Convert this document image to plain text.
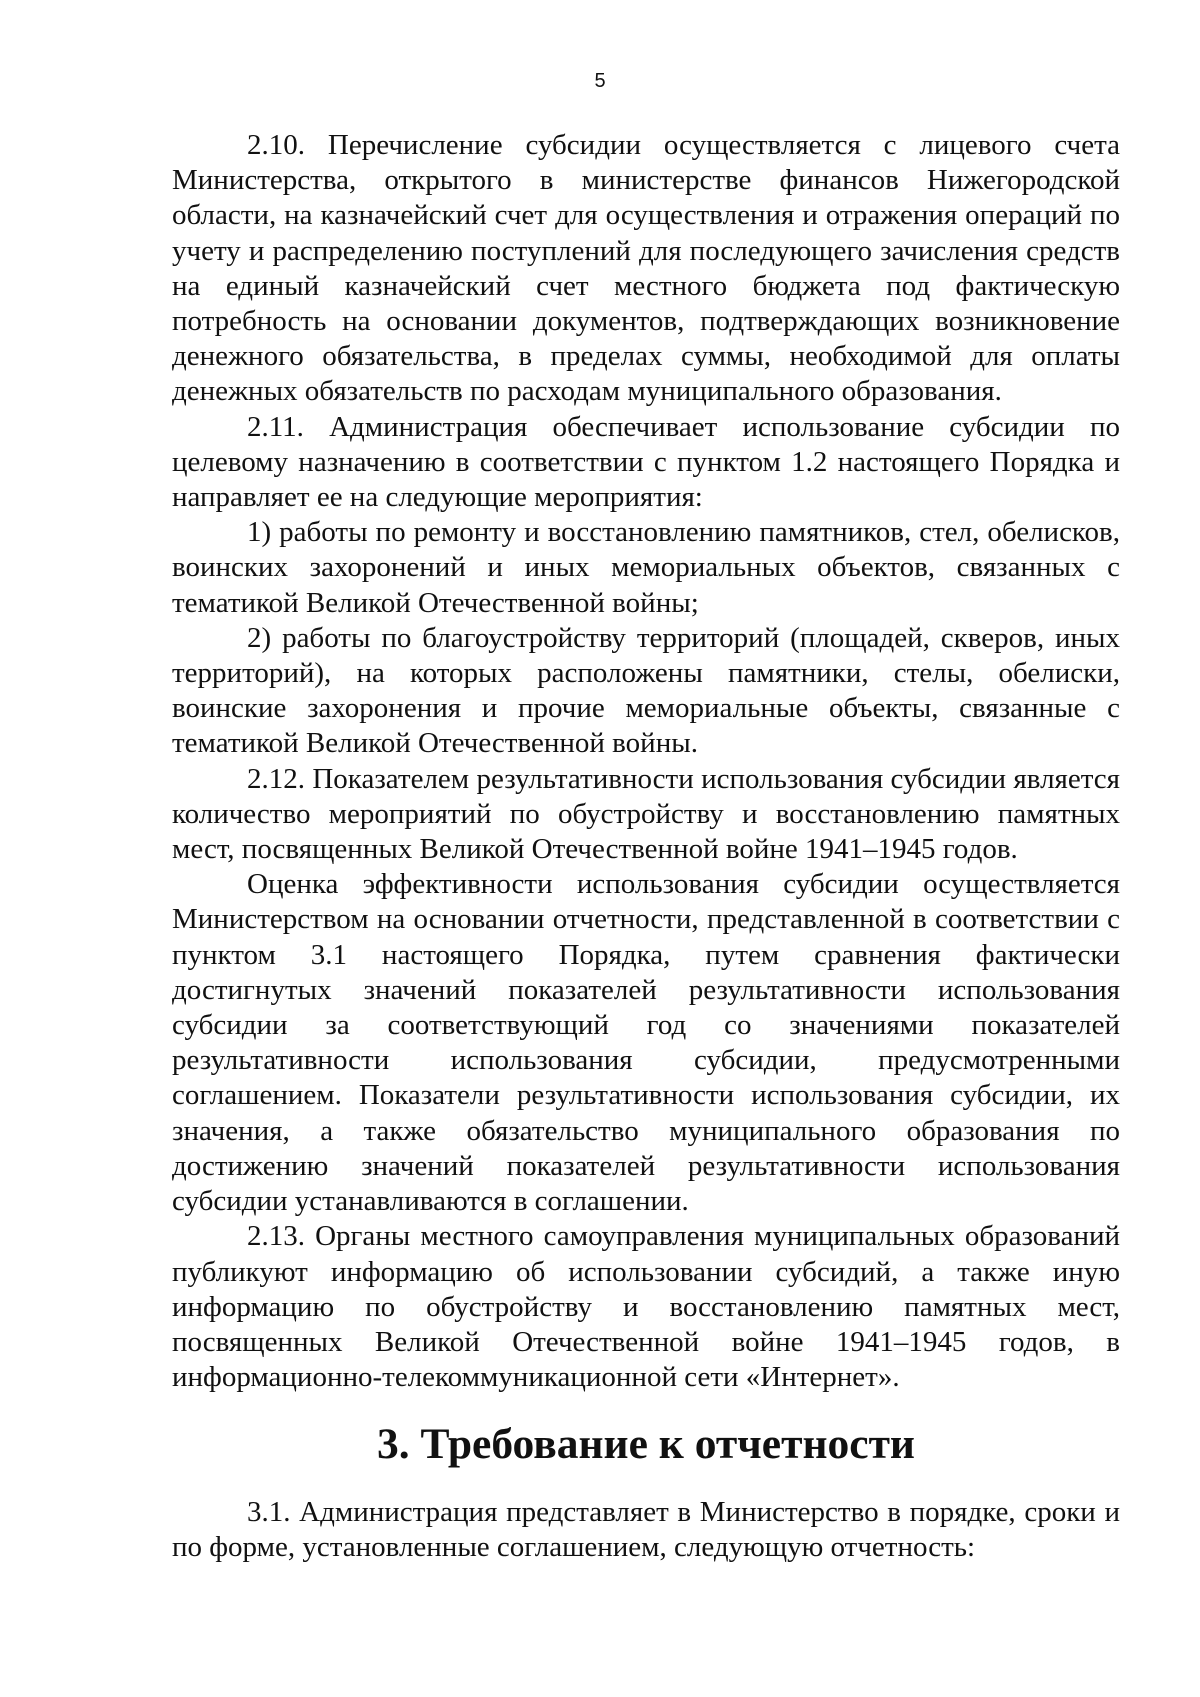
5

2.10. Перечисление субсидии осуществляется с лицевого счета Министерства, открытого в министерстве финансов Нижегородской области, на казначейский счет для осуществления и отражения операций по учету и распределению поступлений для последующего зачисления средств на единый казначейский счет местного бюджета под фактическую потребность на основании документов, подтверждающих возникновение денежного обязательства, в пределах суммы, необходимой для оплаты денежных обязательств по расходам муниципального образования.

2.11. Администрация обеспечивает использование субсидии по целевому назначению в соответствии с пунктом 1.2 настоящего Порядка и направляет ее на следующие мероприятия:

1) работы по ремонту и восстановлению памятников, стел, обелисков, воинских захоронений и иных мемориальных объектов, связанных с тематикой Великой Отечественной войны;

2) работы по благоустройству территорий (площадей, скверов, иных территорий), на которых расположены памятники, стелы, обелиски, воинские захоронения и прочие мемориальные объекты, связанные с тематикой Великой Отечественной войны.

2.12. Показателем результативности использования субсидии является количество мероприятий по обустройству и восстановлению памятных мест, посвященных Великой Отечественной войне 1941–1945 годов.

Оценка эффективности использования субсидии осуществляется Министерством на основании отчетности, представленной в соответствии с пунктом 3.1 настоящего Порядка, путем сравнения фактически достигнутых значений показателей результативности использования субсидии за соответствующий год со значениями показателей результативности использования субсидии, предусмотренными соглашением. Показатели результативности использования субсидии, их значения, а также обязательство муниципального образования по достижению значений показателей результативности использования субсидии устанавливаются в соглашении.

2.13. Органы местного самоуправления муниципальных образований публикуют информацию об использовании субсидий, а также иную информацию по обустройству и восстановлению памятных мест, посвященных Великой Отечественной войне 1941–1945 годов, в информационно-телекоммуникационной сети «Интернет».

3. Требование к отчетности

3.1. Администрация представляет в Министерство в порядке, сроки и по форме, установленные соглашением, следующую отчетность:
